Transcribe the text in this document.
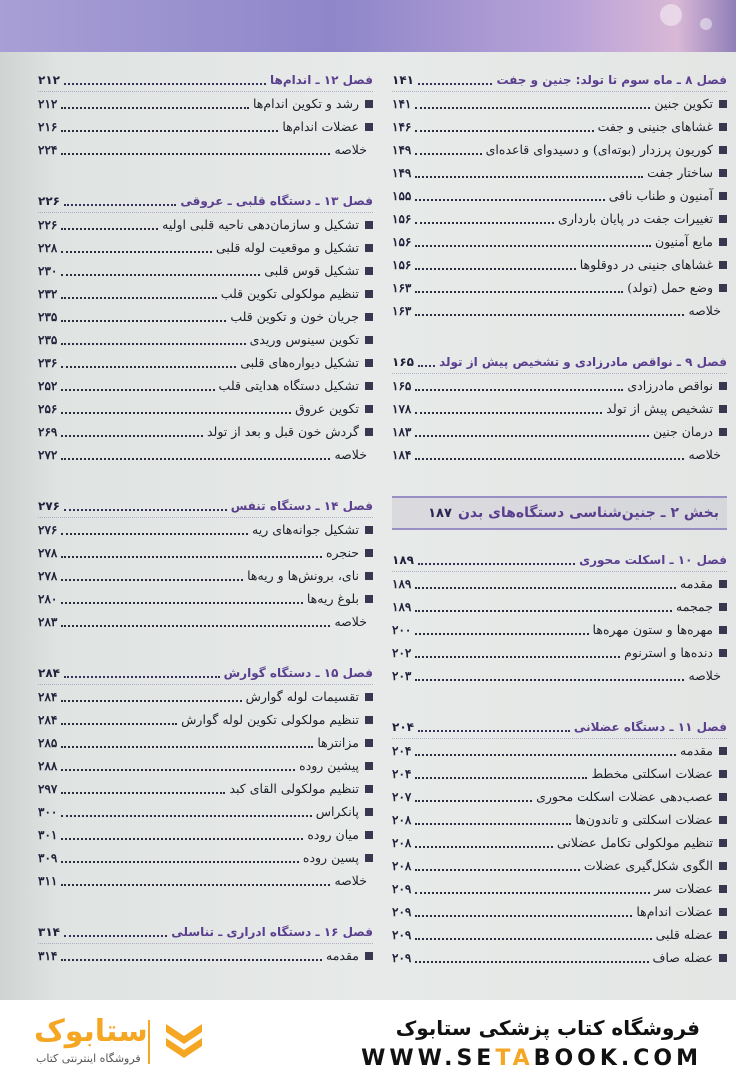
فصل ۸ ـ ماه سوم تا تولد: جنین و جفت
۱۴۱
تکوین جنین
۱۴۱
غشاهای جنینی و جفت
۱۴۶
کوریون پرزدار (بوته‌ای) و دسیدوای قاعده‌ای
۱۴۹
ساختار جفت
۱۴۹
آمنیون و طناب نافی
۱۵۵
تغییرات جفت در پایان بارداری
۱۵۶
مایع آمنیون
۱۵۶
غشاهای جنینی در دوقلوها
۱۵۶
وضع حمل (تولد)
۱۶۳
خلاصه
۱۶۳
فصل ۹ ـ نواقص مادرزادی و تشخیص پیش از تولد
۱۶۵
نواقص مادرزادی
۱۶۵
تشخیص پیش از تولد
۱۷۸
درمان جنین
۱۸۳
خلاصه
۱۸۴
بخش ۲ ـ جنین‌شناسی دستگاه‌های بدن
۱۸۷
فصل ۱۰ ـ اسکلت محوری
۱۸۹
مقدمه
۱۸۹
جمجمه
۱۸۹
مهره‌ها و ستون مهره‌ها
۲۰۰
دنده‌ها و استرنوم
۲۰۲
خلاصه
۲۰۳
فصل ۱۱ ـ دستگاه عضلانی
۲۰۴
مقدمه
۲۰۴
عضلات اسکلتی مخطط
۲۰۴
عصب‌دهی عضلات اسکلت محوری
۲۰۷
عضلات اسکلتی و تاندون‌ها
۲۰۸
تنظیم مولکولی تکامل عضلانی
۲۰۸
الگوی شکل‌گیری عضلات
۲۰۸
عضلات سر
۲۰۹
عضلات اندام‌ها
۲۰۹
عضله قلبی
۲۰۹
عضله صاف
۲۰۹
فصل ۱۲ ـ اندام‌ها
۲۱۲
رشد و تکوین اندام‌ها
۲۱۲
عضلات اندام‌ها
۲۱۶
خلاصه
۲۲۴
فصل ۱۳ ـ دستگاه قلبی ـ عروقی
۲۲۶
تشکیل و سازمان‌دهی ناحیه قلبی اولیه
۲۲۶
تشکیل و موقعیت لوله قلبی
۲۲۸
تشکیل قوس قلبی
۲۳۰
تنظیم مولکولی تکوین قلب
۲۳۲
جریان خون و تکوین قلب
۲۳۵
تکوین سینوس وریدی
۲۳۵
تشکیل دیواره‌های قلبی
۲۳۶
تشکیل دستگاه هدایتی قلب
۲۵۲
تکوین عروق
۲۵۶
گردش خون قبل و بعد از تولد
۲۶۹
خلاصه
۲۷۲
فصل ۱۴ ـ دستگاه تنفس
۲۷۶
تشکیل جوانه‌های ریه
۲۷۶
حنجره
۲۷۸
نای، برونش‌ها و ریه‌ها
۲۷۸
بلوغ ریه‌ها
۲۸۰
خلاصه
۲۸۳
فصل ۱۵ ـ دستگاه گوارش
۲۸۴
تقسیمات لوله گوارش
۲۸۴
تنظیم مولکولی تکوین لوله گوارش
۲۸۴
مزانترها
۲۸۵
پیشین روده
۲۸۸
تنظیم مولکولی القای کبد
۲۹۷
پانکراس
۳۰۰
میان روده
۳۰۱
پسین روده
۳۰۹
خلاصه
۳۱۱
فصل ۱۶ ـ دستگاه ادراری ـ تناسلی
۳۱۴
مقدمه
۳۱۴
ستابوک
فروشگاه اینترنتی کتاب
فروشگاه کتاب پزشکی ستابوک
WWW.SETABOOK.COM
